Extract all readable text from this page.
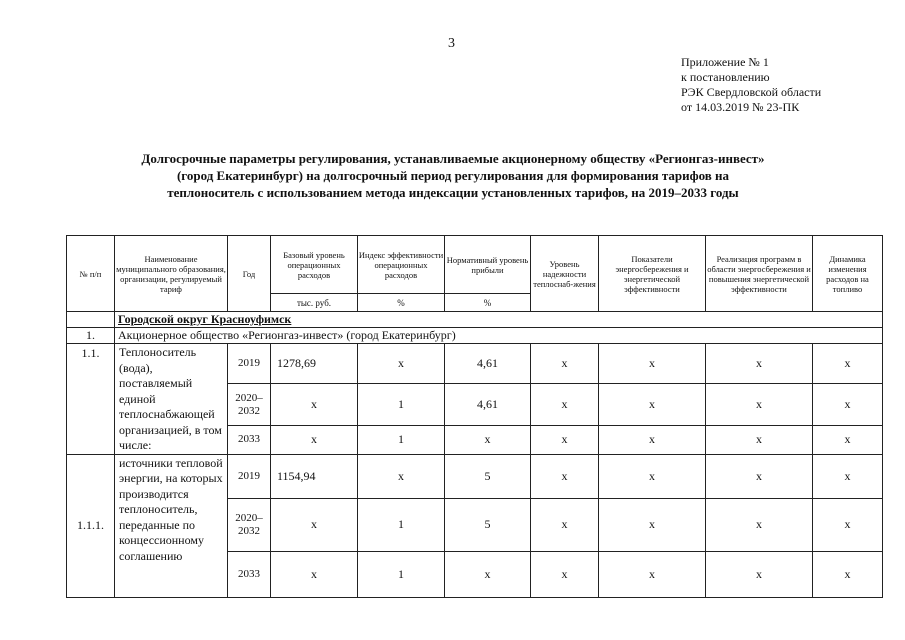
3
Приложение № 1
к постановлению
РЭК Свердловской области
от 14.03.2019 № 23-ПК
Долгосрочные параметры регулирования, устанавливаемые акционерному обществу «Регионгаз-инвест»
(город Екатеринбург) на долгосрочный период регулирования для формирования тарифов на
теплоноситель с использованием метода индексации установленных тарифов, на 2019–2033 годы
№ п/п	Наименование муниципального образования, организации, регулируемый тариф	Год	Базовый уровень операционных расходов	Индекс эффективности операционных расходов	Нормативный уровень прибыли	Уровень надежности теплоснаб-жения	Показатели энергосбережения и энергетической эффективности	Реализация программ в области энергосбережения и повышения энергетической эффективности	Динамика изменения расходов на топливо
			тыс. руб.	%	%				
	Городской округ Красноуфимск								
1.	Акционерное общество «Регионгаз-инвест» (город Екатеринбург)								
1.1.	Теплоноситель (вода), поставляемый единой теплоснабжающей организацией, в том числе:	2019	1278,69	x	4,61	x	x	x	x
		2020–2032	x	1	4,61	x	x	x	x
		2033	x	1	x	x	x	x	x
1.1.1.	источники тепловой энергии, на которых производится теплоноситель, переданные по концессионному соглашению	2019	1154,94	x	5	x	x	x	x
		2020–2032	x	1	5	x	x	x	x
		2033	x	1	x	x	x	x	x
